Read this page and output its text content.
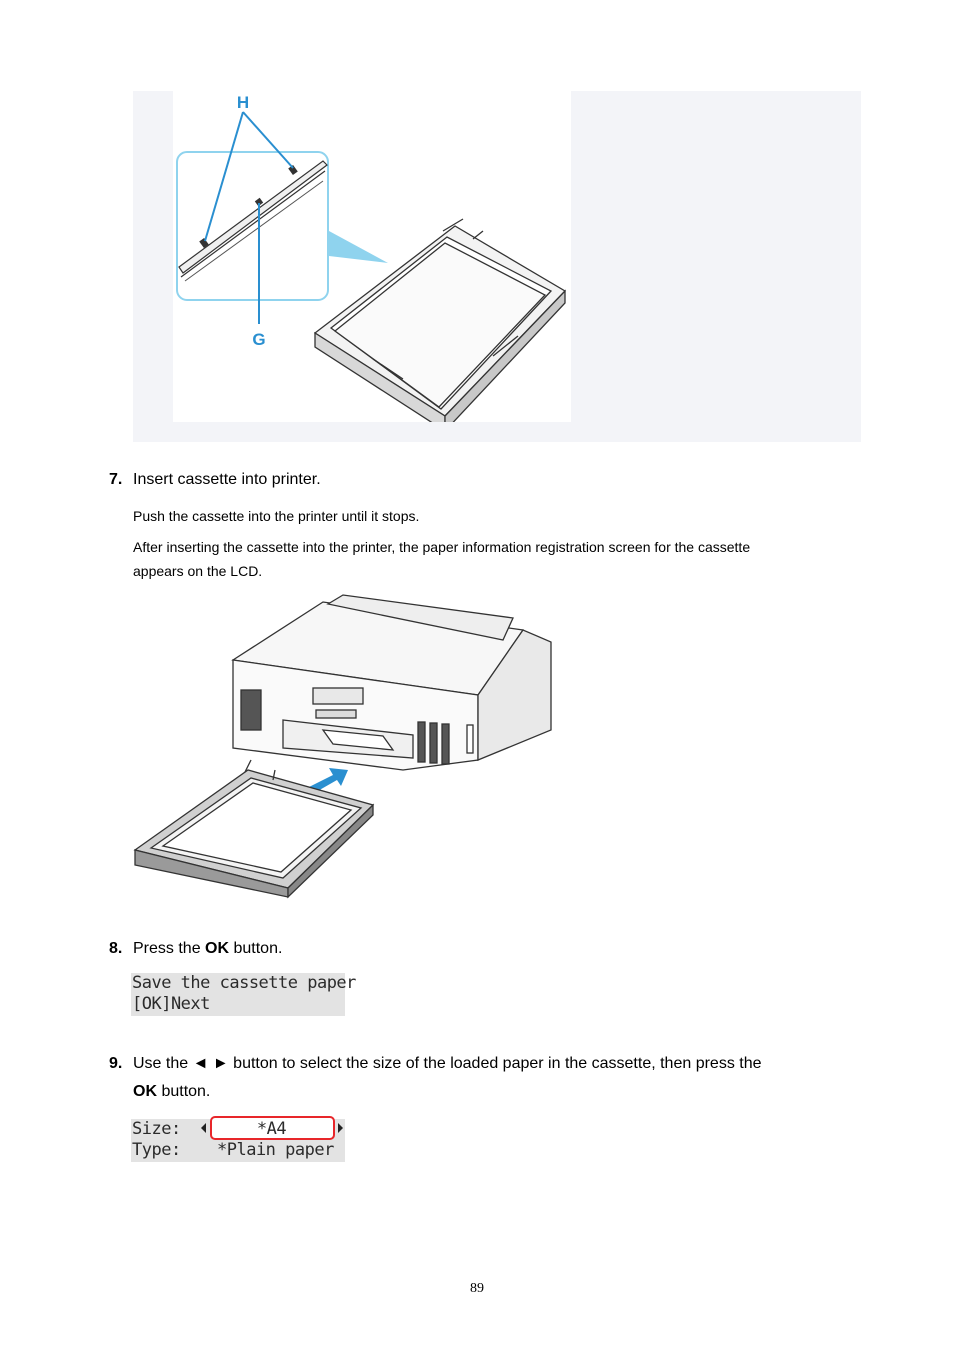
H
G
7. Insert cassette into printer.
Push the cassette into the printer until it stops.
After inserting the cassette into the printer, the paper information registration screen for the cassette
appears on the LCD.
8. Press the OK button.
Save the cassette paper
[OK]Next
9. Use the ◄ ► button to select the size of the loaded paper in the cassette, then press the
OK button.
Size:	*A4
Type: *Plain paper
89
